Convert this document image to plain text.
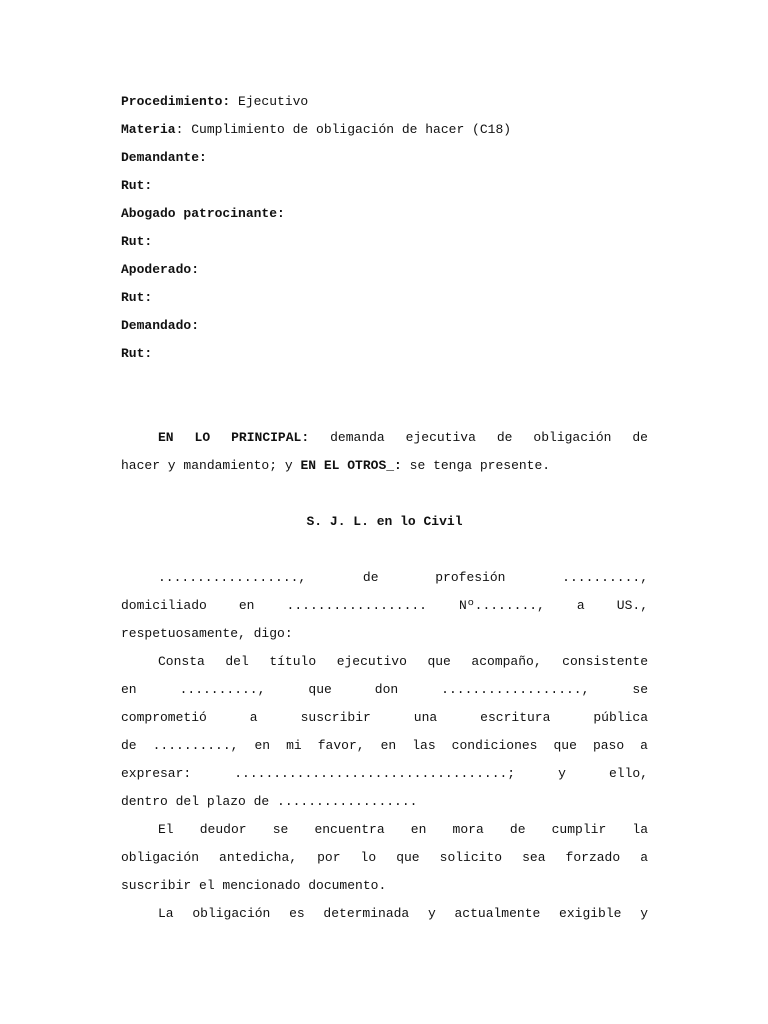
Procedimiento: Ejecutivo
Materia: Cumplimiento de obligación de hacer (C18)
Demandante:
Rut:
Abogado patrocinante:
Rut:
Apoderado:
Rut:
Demandado:
Rut:
EN LO PRINCIPAL: demanda ejecutiva de obligación de
hacer y mandamiento; y EN EL OTROS_: se tenga presente.
S. J. L. en lo Civil
.................., de profesión ..........,
domiciliado en .................. Nº........, a US.,
respetuosamente, digo:
Consta del título ejecutivo que acompaño, consistente
en .........., que don .................., se
comprometió a suscribir una escritura pública
de .........., en mi favor, en las condiciones que paso a
expresar: ...................................; y ello,
dentro del plazo de ..................
El deudor se encuentra en mora de cumplir la
obligación antedicha, por lo que solicito sea forzado a
suscribir el mencionado documento.
La obligación es determinada y actualmente exigible y
